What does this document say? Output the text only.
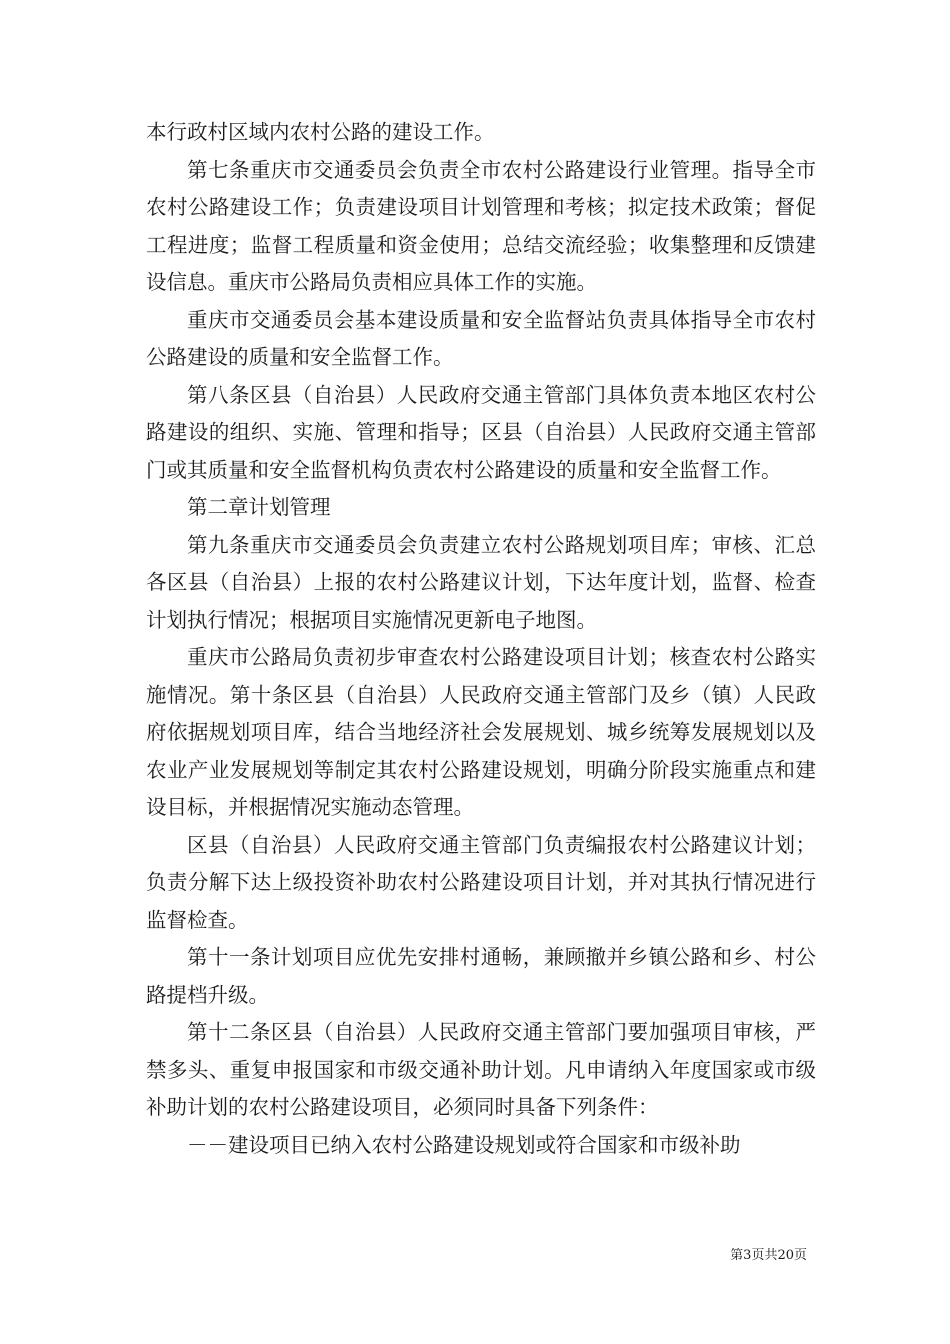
本行政村区域内农村公路的建设工作。

第七条重庆市交通委员会负责全市农村公路建设行业管理。指导全市农村公路建设工作；负责建设项目计划管理和考核；拟定技术政策；督促工程进度；监督工程质量和资金使用；总结交流经验；收集整理和反馈建设信息。重庆市公路局负责相应具体工作的实施。

重庆市交通委员会基本建设质量和安全监督站负责具体指导全市农村公路建设的质量和安全监督工作。

第八条区县（自治县）人民政府交通主管部门具体负责本地区农村公路建设的组织、实施、管理和指导；区县（自治县）人民政府交通主管部门或其质量和安全监督机构负责农村公路建设的质量和安全监督工作。

第二章计划管理

第九条重庆市交通委员会负责建立农村公路规划项目库；审核、汇总各区县（自治县）上报的农村公路建议计划，下达年度计划，监督、检查计划执行情况；根据项目实施情况更新电子地图。

重庆市公路局负责初步审查农村公路建设项目计划；核查农村公路实施情况。第十条区县（自治县）人民政府交通主管部门及乡（镇）人民政府依据规划项目库，结合当地经济社会发展规划、城乡统筹发展规划以及农业产业发展规划等制定其农村公路建设规划，明确分阶段实施重点和建设目标，并根据情况实施动态管理。

区县（自治县）人民政府交通主管部门负责编报农村公路建议计划；负责分解下达上级投资补助农村公路建设项目计划，并对其执行情况进行监督检查。

第十一条计划项目应优先安排村通畅，兼顾撤并乡镇公路和乡、村公路提档升级。

第十二条区县（自治县）人民政府交通主管部门要加强项目审核，严禁多头、重复申报国家和市级交通补助计划。凡申请纳入年度国家或市级补助计划的农村公路建设项目，必须同时具备下列条件：

－－建设项目已纳入农村公路建设规划或符合国家和市级补助

第3页共20页
